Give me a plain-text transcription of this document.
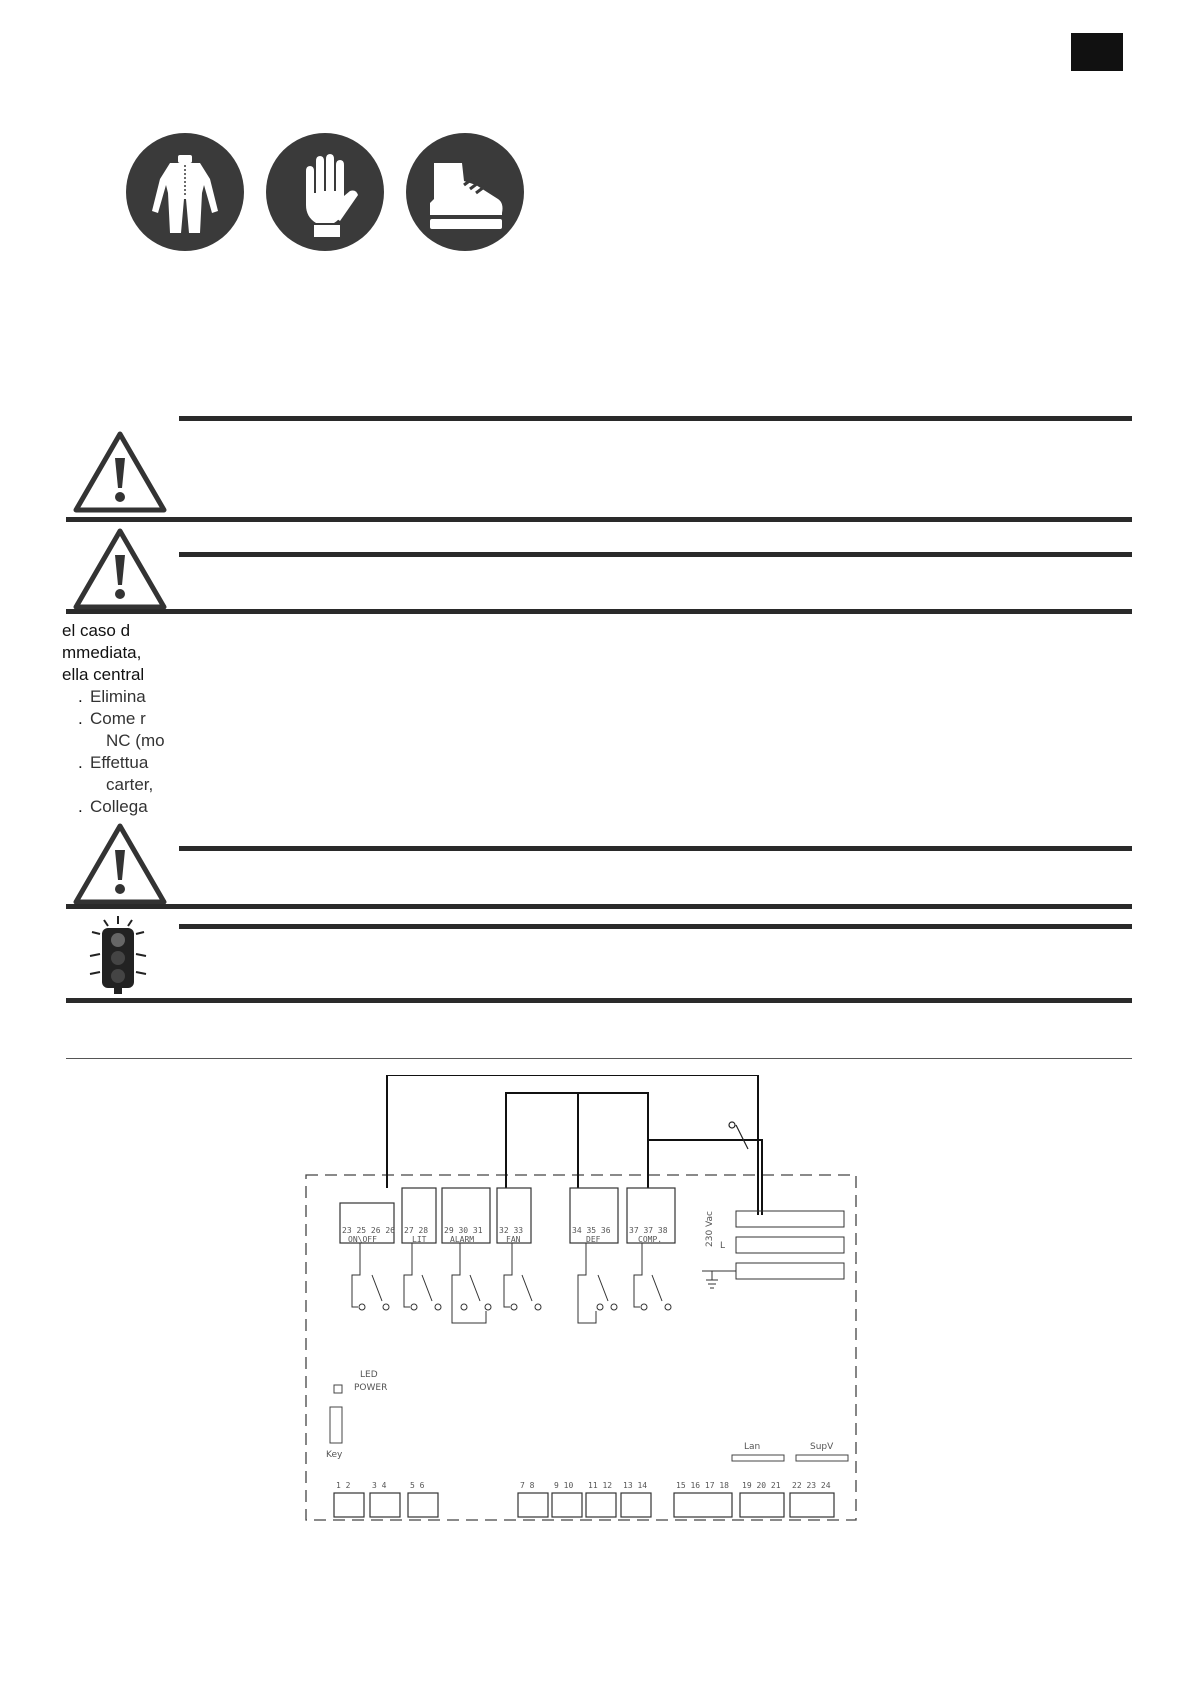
el caso d
mmediata,
ella central
. Elimina
. Come r
NC (mo
. Effettua
carter,
. Collega
23 25 26 26 27 28 29 30 31 32 33	34 35 36 37 37 38
ON\OFF	LIT	ALARM	FAN	DEF	COMP.	230 Vac L
LED
POWER
Key
Lan	SupV
1 2	3 4	5 6	7 8 9 10 11 12 13 14	15 16 17 18 19 20 21 22 23 24
